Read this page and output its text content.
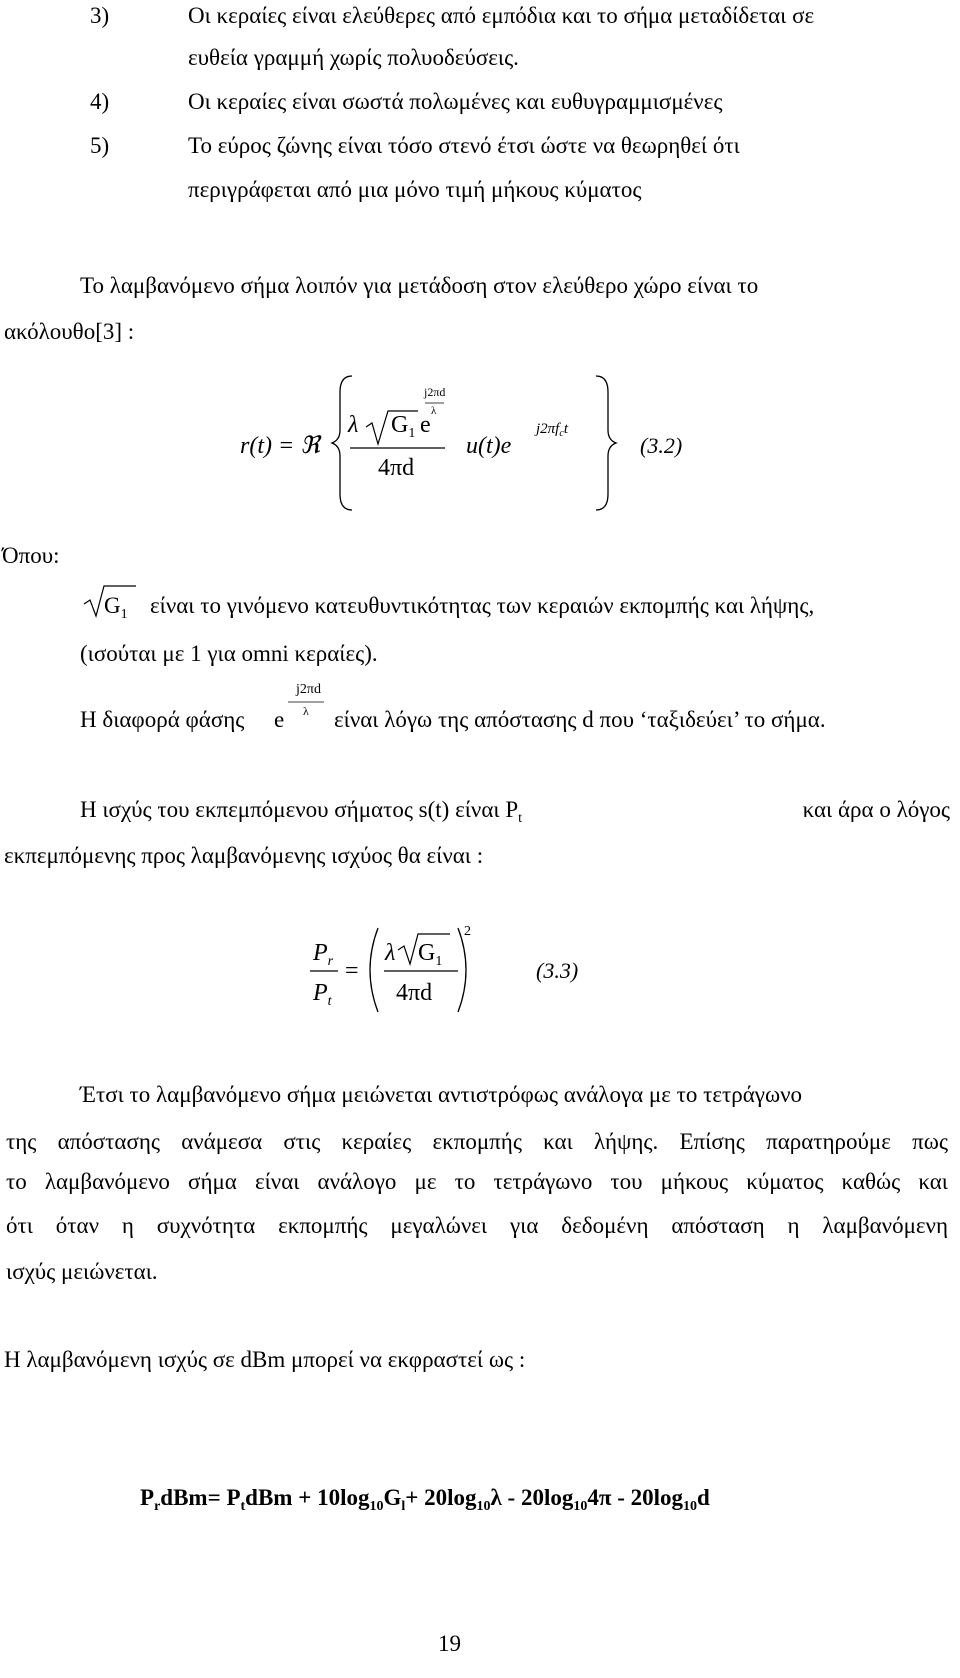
3)	Οι κεραίες είναι ελεύθερες από εμπόδια και το σήμα μεταδίδεται σε
ευθεία γραμμή χωρίς πολυοδεύσεις.
4)	Οι κεραίες είναι σωστά πολωμένες και ευθυγραμμισμένες
5)	Το εύρος ζώνης είναι τόσο στενό έτσι ώστε να θεωρηθεί ότι
περιγράφεται από μια μόνο τιμή μήκους κύματος
Το λαμβανόμενο σήμα λοιπόν για μετάδοση στον ελεύθερο χώρο είναι το
ακόλουθο[3] :
r(t) = ℜ
λ $G_1$ e
j2πd
λ
4πd
u(t)e
$j2\pi f_ct$
(3.2)
Όπου:
$G_1$ είναι το γινόμενο κατευθυντικότητας των κεραιών εκπομπής και λήψης,
(ισούται με 1 για omni κεραίες).
Η διαφορά φάσης e
j2πd
λ είναι λόγω της απόστασης d που ‘ταξιδεύει’ το σήμα.
Η ισχύς του εκπεμπόμενου σήματος s(t) είναι $P_t$	και άρα ο λόγος
εκπεμπόμενης προς λαμβανόμενης ισχύος θα είναι :
$P_r$
$P_t$
=
λ $G_1$
4πd
2
(3.3)
Έτσι το λαμβανόμενο σήμα μειώνεται αντιστρόφως ανάλογα με το τετράγωνο
της απόστασης ανάμεσα στις κεραίες εκπομπής και λήψης. Επίσης παρατηρούμε πως
το λαμβανόμενο σήμα είναι ανάλογο με το τετράγωνο του μήκους κύματος καθώς και
ότι όταν η συχνότητα εκπομπής μεγαλώνει για δεδομένη απόσταση η λαμβανόμενη
ισχύς μειώνεται.
Η λαμβανόμενη ισχύς σε dBm μπορεί να εκφραστεί ως :
$P_rdBm= P_tdBm + 10\log_{10}G_l+ 20\log_{10}\lambda - 20\log_{10}4\pi - 20\log_{10}d$
19
